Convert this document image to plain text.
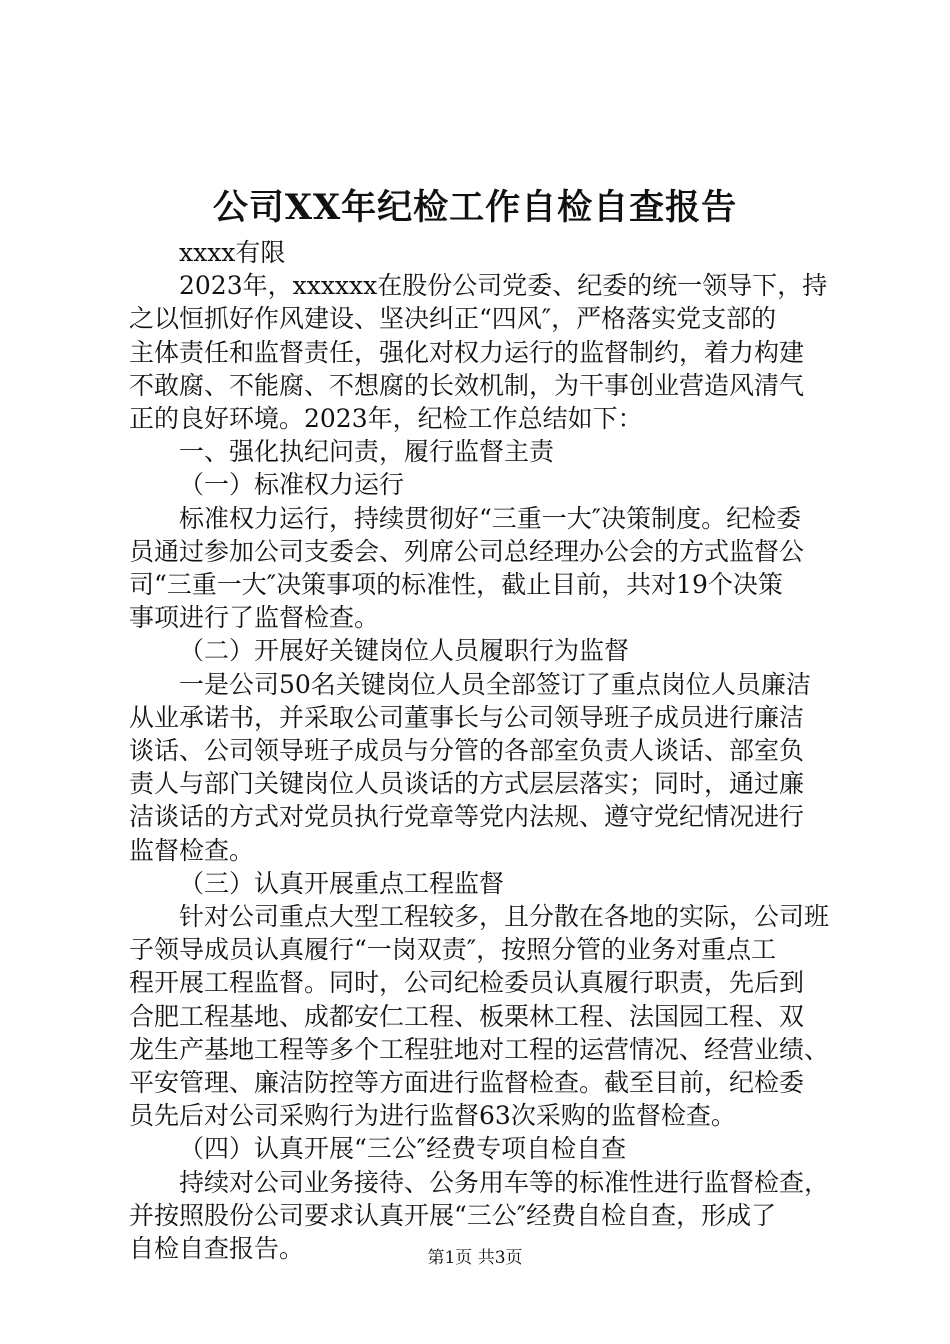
公司XX年纪检工作自检自查报告

xxxx有限

2023年，xxxxxx在股份公司党委、纪委的统一领导下，持
之以恒抓好作风建设、坚决纠正“四风″，严格落实党支部的
主体责任和监督责任，强化对权力运行的监督制约，着力构建
不敢腐、不能腐、不想腐的长效机制，为干事创业营造风清气
正的良好环境。2023年，纪检工作总结如下：

一、强化执纪问责，履行监督主责

（一）标准权力运行

标准权力运行，持续贯彻好“三重一大″决策制度。纪检委
员通过参加公司支委会、列席公司总经理办公会的方式监督公
司“三重一大″决策事项的标准性，截止目前，共对19个决策
事项进行了监督检查。

（二）开展好关键岗位人员履职行为监督

一是公司50名关键岗位人员全部签订了重点岗位人员廉洁
从业承诺书，并采取公司董事长与公司领导班子成员进行廉洁
谈话、公司领导班子成员与分管的各部室负责人谈话、部室负
责人与部门关键岗位人员谈话的方式层层落实；同时，通过廉
洁谈话的方式对党员执行党章等党内法规、遵守党纪情况进行
监督检查。

（三）认真开展重点工程监督

针对公司重点大型工程较多，且分散在各地的实际，公司班
子领导成员认真履行“一岗双责″，按照分管的业务对重点工
程开展工程监督。同时，公司纪检委员认真履行职责，先后到
合肥工程基地、成都安仁工程、板栗林工程、法国园工程、双
龙生产基地工程等多个工程驻地对工程的运营情况、经营业绩、
平安管理、廉洁防控等方面进行监督检查。截至目前，纪检委
员先后对公司采购行为进行监督63次采购的监督检查。

（四）认真开展“三公″经费专项自检自查

持续对公司业务接待、公务用车等的标准性进行监督检查，
并按照股份公司要求认真开展“三公″经费自检自查，形成了
自检自查报告。	第1页 共3页
